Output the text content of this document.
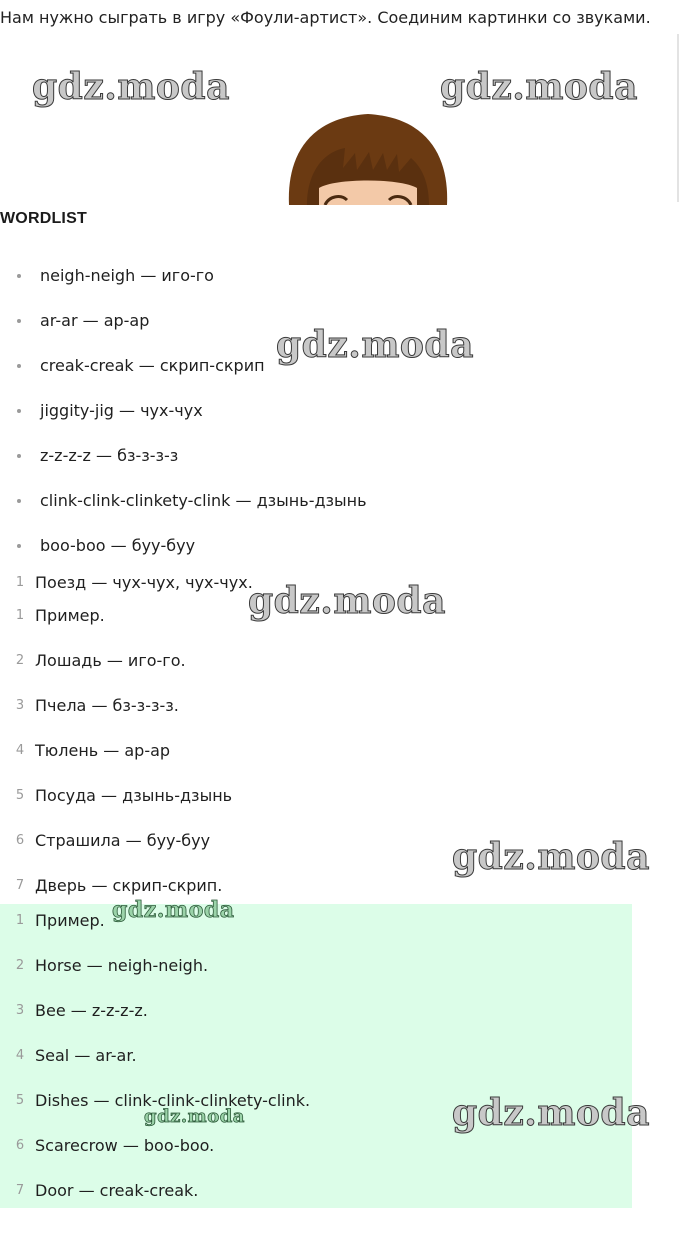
Нам нужно сыграть в игру «Фоули-артист». Соединим картинки со звуками.
WORDLIST
neigh-neigh — иго-го
ar-ar — ар-ар
creak-creak — скрип-скрип
jiggity-jig — чух-чух
z-z-z-z — бз-з-з-з
clink-clink-clinkety-clink — дзынь-дзынь
boo-boo — буу-буу
1 Поезд — чух-чух, чух-чух.
1 Пример.
2 Лошадь — иго-го.
3 Пчела — бз-з-з-з.
4 Тюлень — ар-ар
5 Посуда — дзынь-дзынь
6 Страшила — буу-буу
7 Дверь — скрип-скрип.
1 Пример.
2 Horse — neigh-neigh.
3 Bee — z-z-z-z.
4 Seal — ar-ar.
5 Dishes — clink-clink-clinkety-clink.
6 Scarecrow — boo-boo.
7 Door — creak-creak.
gdz.moda	gdz.moda
gdz.moda
gdz.moda
gdz.moda
gdz.moda
gdz.moda
gdz.moda
